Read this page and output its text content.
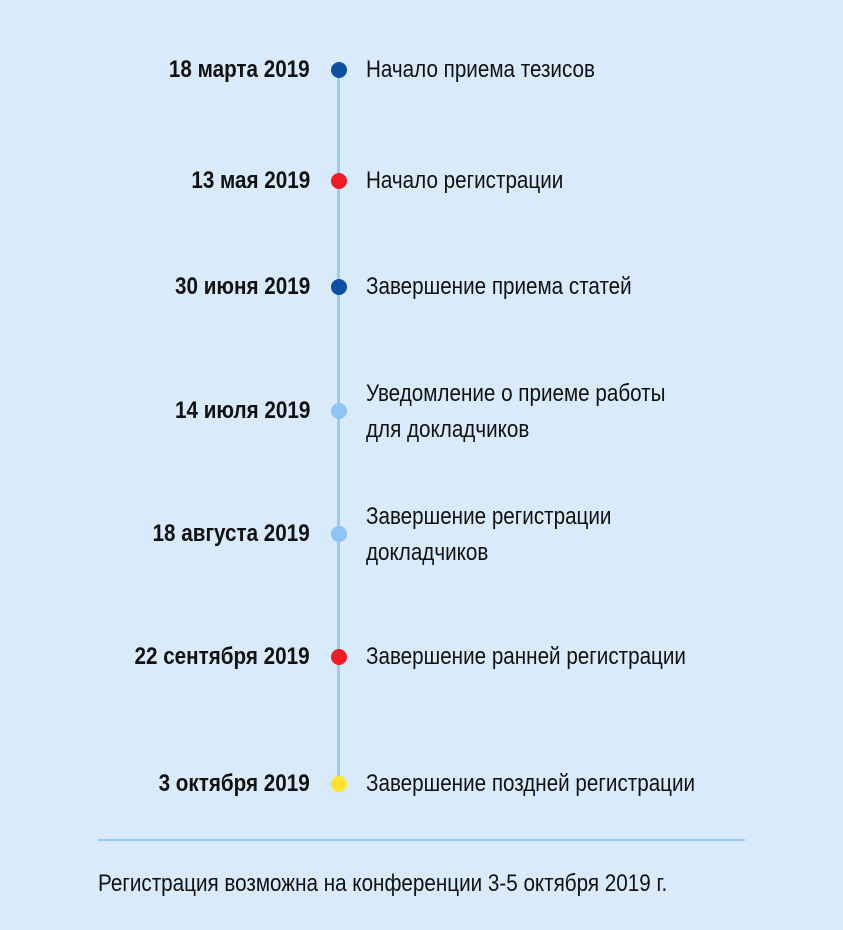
18 марта 2019 Начало приема тезисов
13 мая 2019 Начало регистрации
30 июня 2019 Завершение приема статей
14 июля 2019
Уведомление о приеме работы
для докладчиков
18 августа 2019
Завершение регистрации
докладчиков
22 сентября 2019 Завершение ранней регистрации
3 октября 2019 Завершение поздней регистрации
Регистрация возможна на конференции 3-5 октября 2019 г.
